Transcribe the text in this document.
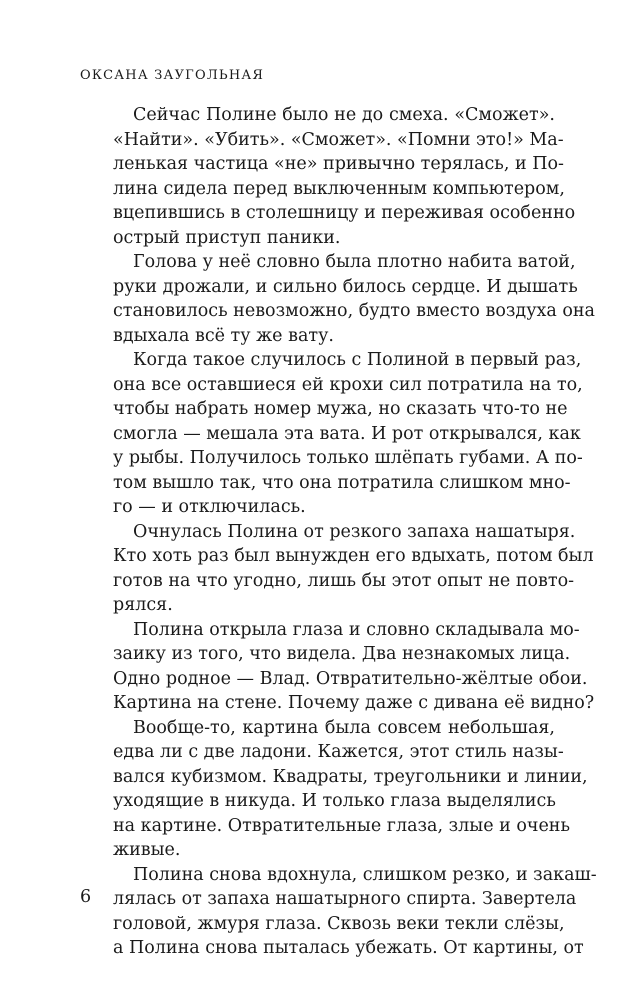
ОКСАНА ЗАУГОЛЬНАЯ
Сейчас Полине было не до смеха. «Сможет».
«Найти». «Убить». «Сможет». «Помни это!» Ма-
ленькая частица «не» привычно терялась, и По-
лина сидела перед выключенным компьютером,
вцепившись в столешницу и переживая особенно
острый приступ паники.
Голова у неё словно была плотно набита ватой,
руки дрожали, и сильно билось сердце. И дышать
становилось невозможно, будто вместо воздуха она
вдыхала всё ту же вату.
Когда такое случилось с Полиной в первый раз,
она все оставшиеся ей крохи сил потратила на то,
чтобы набрать номер мужа, но сказать что-то не
смогла — мешала эта вата. И рот открывался, как
у рыбы. Получилось только шлёпать губами. А по-
том вышло так, что она потратила слишком мно-
го — и отключилась.
Очнулась Полина от резкого запаха нашатыря.
Кто хоть раз был вынужден его вдыхать, потом был
готов на что угодно, лишь бы этот опыт не повто-
рялся.
Полина открыла глаза и словно складывала мо-
заику из того, что видела. Два незнакомых лица.
Одно родное — Влад. Отвратительно-жёлтые обои.
Картина на стене. Почему даже с дивана её видно?
Вообще-то, картина была совсем небольшая,
едва ли с две ладони. Кажется, этот стиль назы-
вался кубизмом. Квадраты, треугольники и линии,
уходящие в никуда. И только глаза выделялись
на картине. Отвратительные глаза, злые и очень
живые.
Полина снова вдохнула, слишком резко, и закаш-
лялась от запаха нашатырного спирта. Завертела
головой, жмуря глаза. Сквозь веки текли слёзы,
а Полина снова пыталась убежать. От картины, от
6
